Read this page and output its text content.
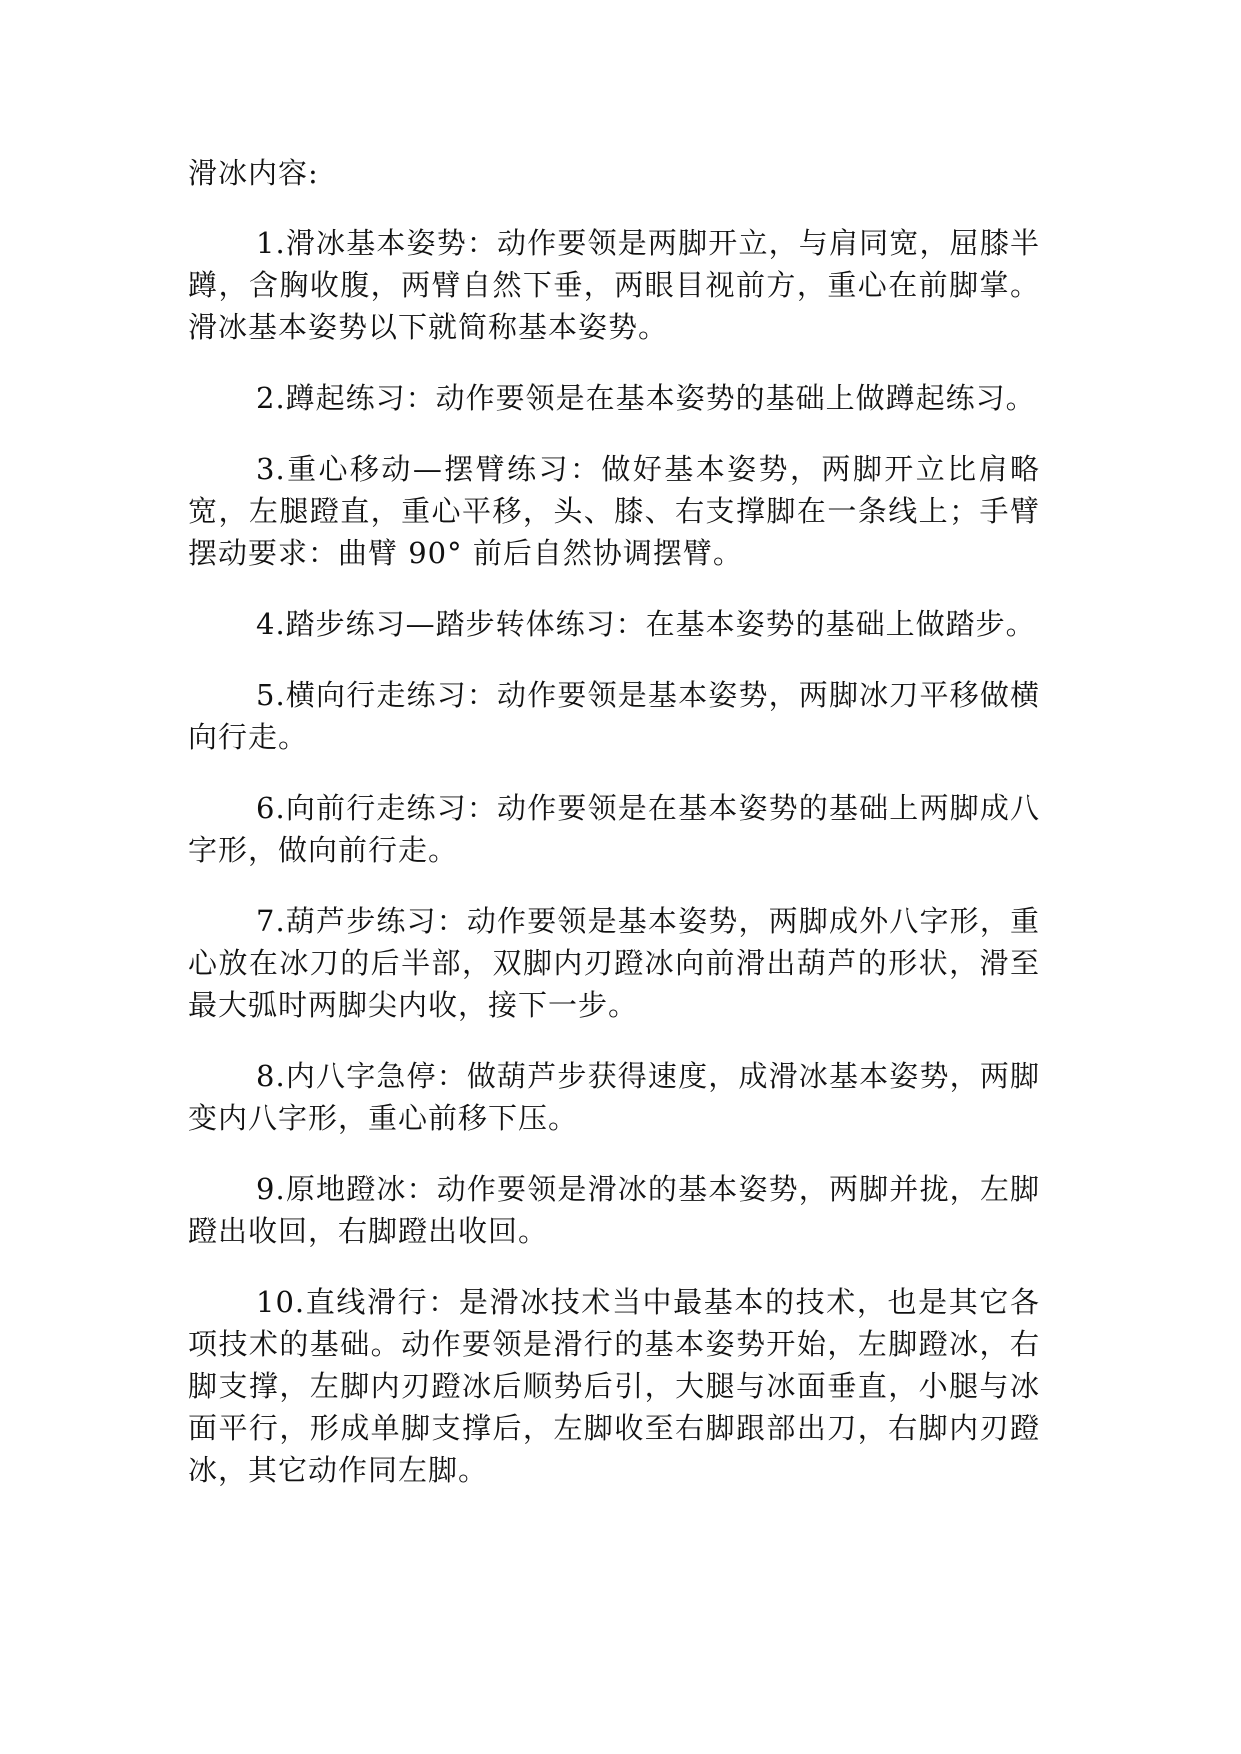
滑冰内容:

1.滑冰基本姿势：动作要领是两脚开立，与肩同宽，屈膝半蹲，含胸收腹，两臂自然下垂，两眼目视前方，重心在前脚掌。滑冰基本姿势以下就简称基本姿势。

2.蹲起练习：动作要领是在基本姿势的基础上做蹲起练习。

3.重心移动—摆臂练习：做好基本姿势，两脚开立比肩略宽，左腿蹬直，重心平移，头、膝、右支撑脚在一条线上；手臂摆动要求：曲臂 90° 前后自然协调摆臂。

4.踏步练习—踏步转体练习：在基本姿势的基础上做踏步。

5.横向行走练习：动作要领是基本姿势，两脚冰刀平移做横向行走。

6.向前行走练习：动作要领是在基本姿势的基础上两脚成八字形，做向前行走。

7.葫芦步练习：动作要领是基本姿势，两脚成外八字形，重心放在冰刀的后半部，双脚内刃蹬冰向前滑出葫芦的形状，滑至最大弧时两脚尖内收，接下一步。

8.内八字急停：做葫芦步获得速度，成滑冰基本姿势，两脚变内八字形，重心前移下压。

9.原地蹬冰：动作要领是滑冰的基本姿势，两脚并拢，左脚蹬出收回，右脚蹬出收回。

10.直线滑行：是滑冰技术当中最基本的技术，也是其它各项技术的基础。动作要领是滑行的基本姿势开始，左脚蹬冰，右脚支撑，左脚内刃蹬冰后顺势后引，大腿与冰面垂直，小腿与冰面平行，形成单脚支撑后，左脚收至右脚跟部出刀，右脚内刃蹬冰，其它动作同左脚。
